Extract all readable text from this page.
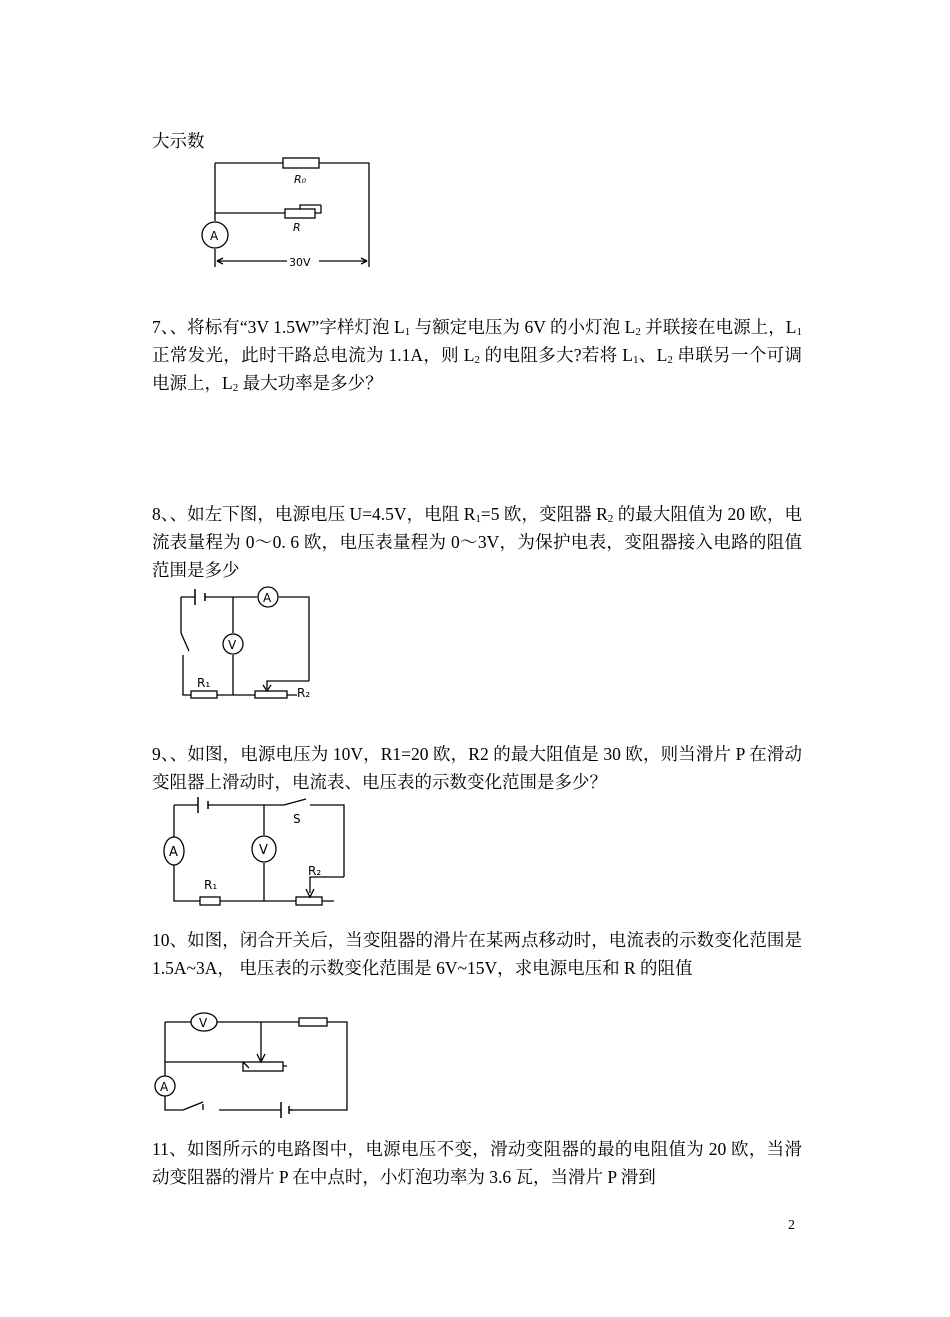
大示数
R₀
R
A
30V
7、、将标有“3V 1.5W”字样灯泡 $L_1$ 与额定电压为 6V 的小灯泡 $L_2$ 并联接在电源上，$L_1$ 正常发光，此时干路总电流为 1.1A，则 $L_2$ 的电阻多大?若将 $L_1$、$L_2$ 串联另一个可调电源上，$L_2$ 最大功率是多少？
8、、如左下图，电源电压 U=4.5V，电阻 $R_1=5$ 欧，变阻器 $R_2$ 的最大阻值为 20 欧，电流表量程为 0～0. 6 欧，电压表量程为 0～3V，为保护电表，变阻器接入电路的阻值范围是多少
V
A
R₁
R₂
9、、如图，电源电压为 10V，R1=20 欧，R2 的最大阻值是 30 欧，则当滑片 P 在滑动变阻器上滑动时，电流表、电压表的示数变化范围是多少？
A	V
S
R₁
R₂
10、如图，闭合开关后，当变阻器的滑片在某两点移动时，电流表的示数变化范围是 1.5A~3A， 电压表的示数变化范围是 6V~15V，求电源电压和 R 的阻值
V
A
11、如图所示的电路图中，电源电压不变，滑动变阻器的最的电阻值为 20 欧，当滑动变阻器的滑片 P 在中点时，小灯泡功率为 3.6 瓦，当滑片 P 滑到
2
